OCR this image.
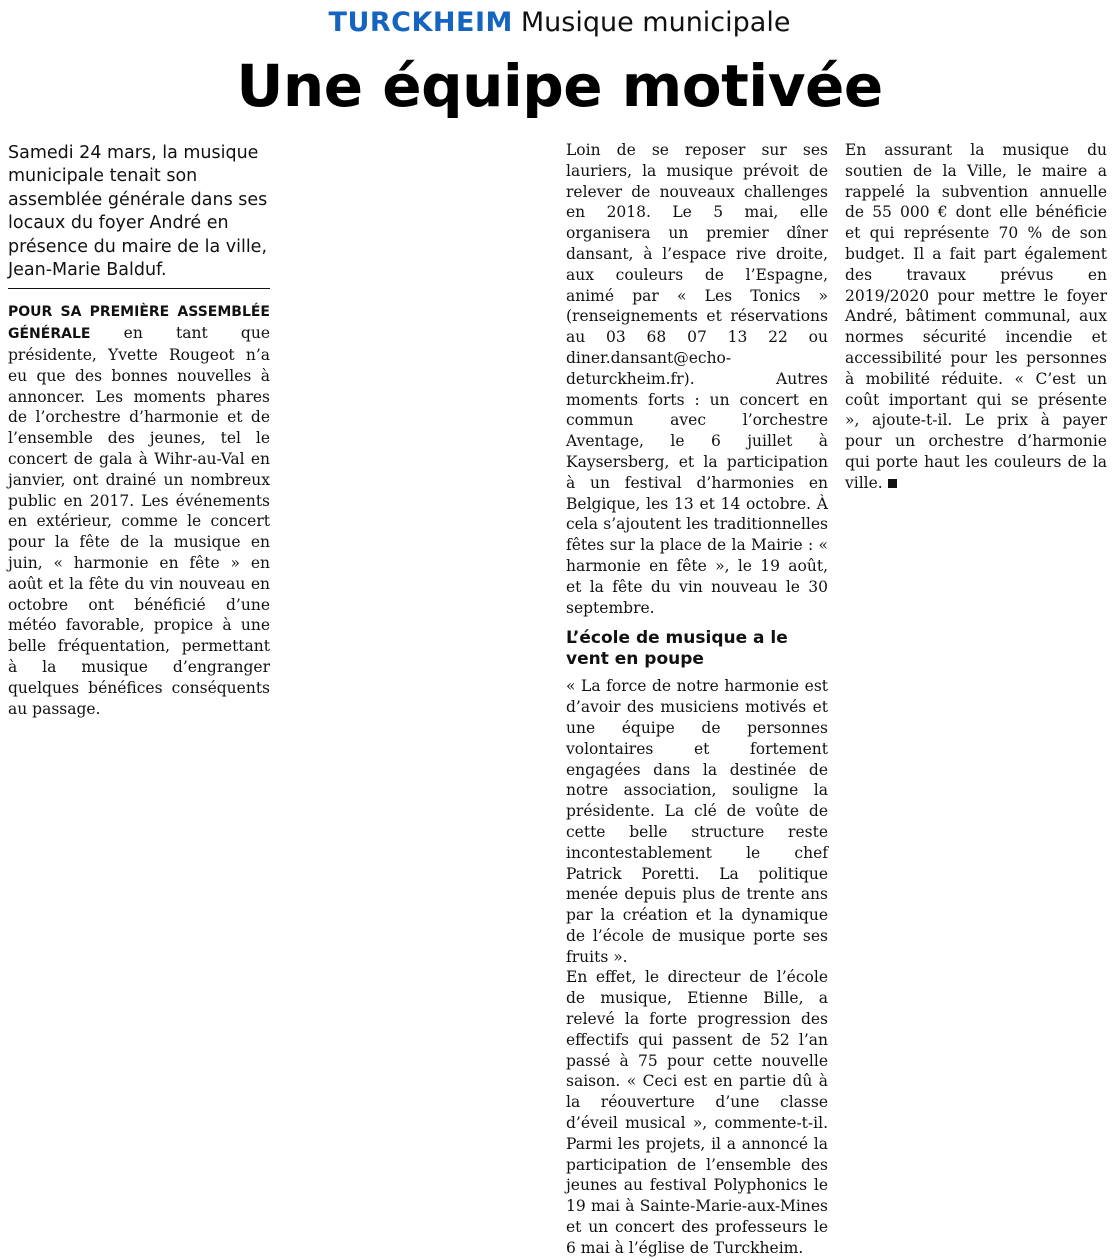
TURCKHEIM Musique municipale
Une équipe motivée

Samedi 24 mars, la musique municipale tenait son assemblée générale dans ses locaux du foyer André en présence du maire de la ville, Jean-Marie Balduf.

POUR SA PREMIÈRE ASSEMBLÉE GÉNÉRALE en tant que présidente, Yvette Rougeot n’a eu que des bonnes nouvelles à annoncer. Les moments phares de l’orchestre d’harmonie et de l’ensemble des jeunes, tel le concert de gala à Wihr-au-Val en janvier, ont drainé un nombreux public en 2017. Les événements en extérieur, comme le concert pour la fête de la musique en juin, « harmonie en fête » en août et la fête du vin nouveau en octobre ont bénéficié d’une météo favorable, propice à une belle fréquentation, permettant à la musique d’engranger quelques bénéfices conséquents au passage.

Loin de se reposer sur ses lauriers, la musique prévoit de relever de nouveaux challenges en 2018. Le 5 mai, elle organisera un premier dîner dansant, à l’espace rive droite, aux couleurs de l’Espagne, animé par « Les Tonics » (renseignements et réservations au 03 68 07 13 22 ou diner.dansant@echo-deturckheim.fr). Autres moments forts : un concert en commun avec l’orchestre Aventage, le 6 juillet à Kaysersberg, et la participation à un festival d’harmonies en Belgique, les 13 et 14 octobre. À cela s’ajoutent les traditionnelles fêtes sur la place de la Mairie : « harmonie en fête », le 19 août, et la fête du vin nouveau le 30 septembre.

L’école de musique a le vent en poupe

« La force de notre harmonie est d’avoir des musiciens motivés et une équipe de personnes volontaires et fortement engagées dans la destinée de notre association, souligne la présidente. La clé de voûte de cette belle structure reste incontestablement le chef Patrick Poretti. La politique menée depuis plus de trente ans par la création et la dynamique de l’école de musique porte ses fruits ».

En effet, le directeur de l’école de musique, Etienne Bille, a relevé la forte progression des effectifs qui passent de 52 l’an passé à 75 pour cette nouvelle saison. « Ceci est en partie dû à la réouverture d’une classe d’éveil musical », commente-t-il. Parmi les projets, il a annoncé la participation de l’ensemble des jeunes au festival Polyphonics le 19 mai à Sainte-Marie-aux-Mines et un concert des professeurs le 6 mai à l’église de Turckheim.

En assurant la musique du soutien de la Ville, le maire a rappelé la subvention annuelle de 55 000 € dont elle bénéficie et qui représente 70 % de son budget. Il a fait part également des travaux prévus en 2019/2020 pour mettre le foyer André, bâtiment communal, aux normes sécurité incendie et accessibilité pour les personnes à mobilité réduite. « C’est un coût important qui se présente », ajoute-t-il. Le prix à payer pour un orchestre d’harmonie qui porte haut les couleurs de la ville.
